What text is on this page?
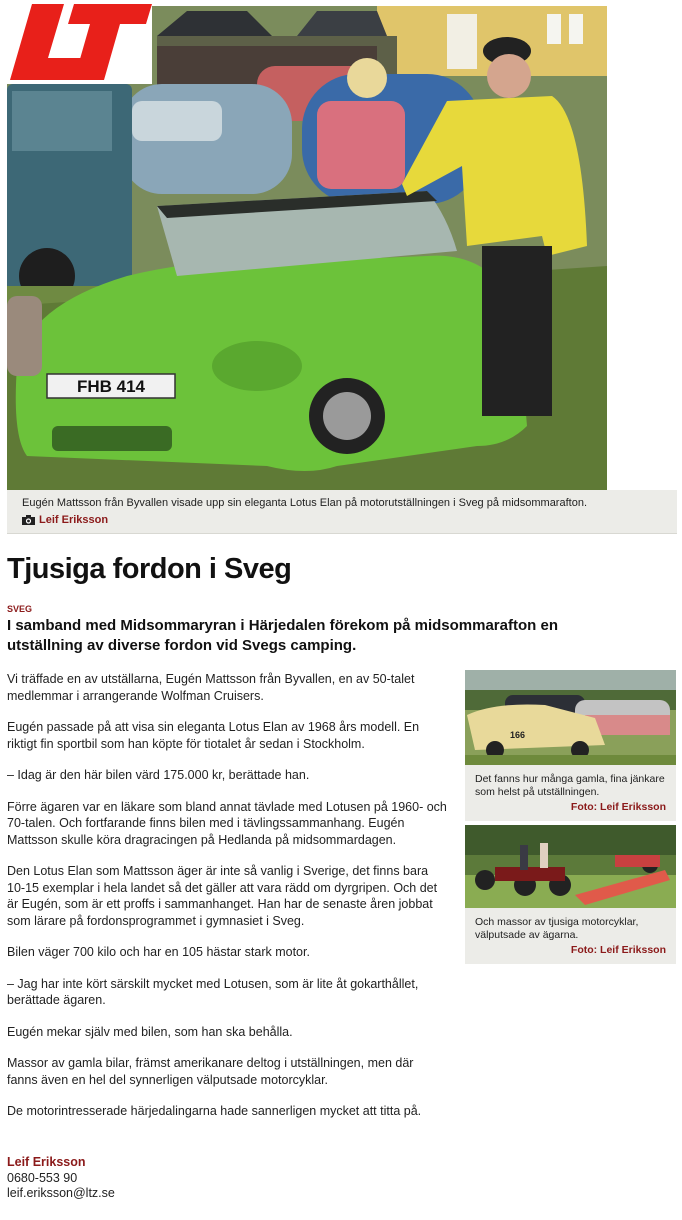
FHB 414
Eugén Mattsson från Byvallen visade upp sin eleganta Lotus Elan på motorutställningen i Sveg på midsommarafton.
Leif Eriksson
Tjusiga fordon i Sveg
SVEG

I samband med Midsommaryran i Härjedalen förekom på midsommarafton en utställning av diverse fordon vid Svegs camping.

Vi träffade en av utställarna, Eugén Mattsson från Byvallen, en av 50-talet medlemmar i arrangerande Wolfman Cruisers.

Eugén passade på att visa sin eleganta Lotus Elan av 1968 års modell. En riktigt fin sportbil som han köpte för tiotalet år sedan i Stockholm.

– Idag är den här bilen värd 175.000 kr, berättade han.

Förre ägaren var en läkare som bland annat tävlade med Lotusen på 1960- och 70-talen. Och fortfarande finns bilen med i tävlingssammanhang. Eugén Mattsson skulle köra dragracingen på Hedlanda på midsommardagen.

Den Lotus Elan som Mattsson äger är inte så vanlig i Sverige, det finns bara 10-15 exemplar i hela landet så det gäller att vara rädd om dyrgripen. Och det är Eugén, som är ett proffs i sammanhanget. Han har de senaste åren jobbat som lärare på fordonsprogrammet i gymnasiet i Sveg.

Bilen väger 700 kilo och har en 105 hästar stark motor.

– Jag har inte kört särskilt mycket med Lotusen, som är lite åt gokarthållet, berättade ägaren.

Eugén mekar själv med bilen, som han ska behålla.

Massor av gamla bilar, främst amerikanare deltog i utställningen, men där fanns även en hel del synnerligen välputsade motorcyklar.

De motorintresserade härjedalingarna hade sannerligen mycket att titta på.

166
Det fanns hur många gamla, fina jänkare som helst på utställningen.
Foto: Leif Eriksson
Och massor av tjusiga motorcyklar, välputsade av ägarna.
Foto: Leif Eriksson
Leif Eriksson
0680-553 90
leif.eriksson@ltz.se
